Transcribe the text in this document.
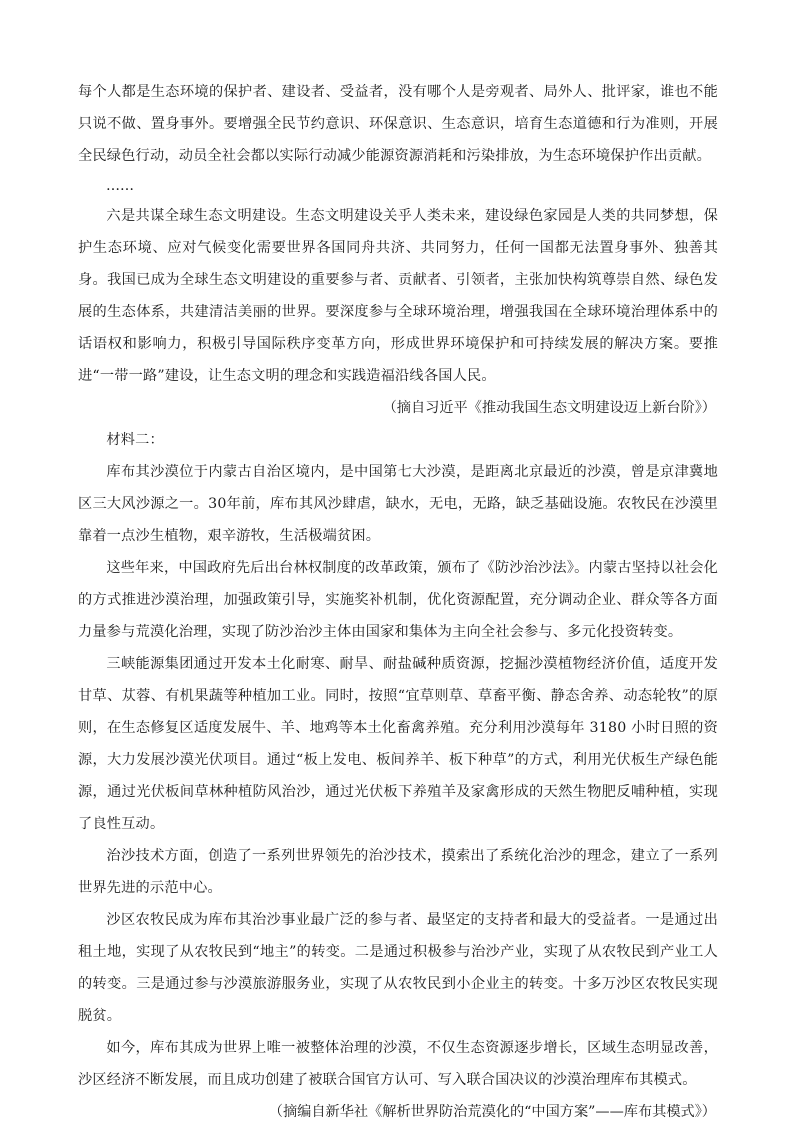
每个人都是生态环境的保护者、建设者、受益者，没有哪个人是旁观者、局外人、批评家，谁也不能只说不做、置身事外。要增强全民节约意识、环保意识、生态意识，培育生态道德和行为准则，开展全民绿色行动，动员全社会都以实际行动减少能源资源消耗和污染排放，为生态环境保护作出贡献。

……

六是共谋全球生态文明建设。生态文明建设关乎人类未来，建设绿色家园是人类的共同梦想，保护生态环境、应对气候变化需要世界各国同舟共济、共同努力，任何一国都无法置身事外、独善其身。我国已成为全球生态文明建设的重要参与者、贡献者、引领者，主张加快构筑尊崇自然、绿色发展的生态体系，共建清洁美丽的世界。要深度参与全球环境治理，增强我国在全球环境治理体系中的话语权和影响力，积极引导国际秩序变革方向，形成世界环境保护和可持续发展的解决方案。要推进“一带一路”建设，让生态文明的理念和实践造福沿线各国人民。

（摘自习近平《推动我国生态文明建设迈上新台阶》）

材料二：

库布其沙漠位于内蒙古自治区境内，是中国第七大沙漠，是距离北京最近的沙漠，曾是京津冀地区三大风沙源之一。30年前，库布其风沙肆虐，缺水，无电，无路，缺乏基础设施。农牧民在沙漠里靠着一点沙生植物，艰辛游牧，生活极端贫困。

这些年来，中国政府先后出台林权制度的改革政策，颁布了《防沙治沙法》。内蒙古坚持以社会化的方式推进沙漠治理，加强政策引导，实施奖补机制，优化资源配置，充分调动企业、群众等各方面力量参与荒漠化治理，实现了防沙治沙主体由国家和集体为主向全社会参与、多元化投资转变。

三峡能源集团通过开发本土化耐寒、耐旱、耐盐碱种质资源，挖掘沙漠植物经济价值，适度开发甘草、苁蓉、有机果蔬等种植加工业。同时，按照“宜草则草、草畜平衡、静态舍养、动态轮牧”的原则，在生态修复区适度发展牛、羊、地鸡等本土化畜禽养殖。充分利用沙漠每年 3180 小时日照的资源，大力发展沙漠光伏项目。通过“板上发电、板间养羊、板下种草”的方式，利用光伏板生产绿色能源，通过光伏板间草林种植防风治沙，通过光伏板下养殖羊及家禽形成的天然生物肥反哺种植，实现了良性互动。

治沙技术方面，创造了一系列世界领先的治沙技术，摸索出了系统化治沙的理念，建立了一系列世界先进的示范中心。

沙区农牧民成为库布其治沙事业最广泛的参与者、最坚定的支持者和最大的受益者。一是通过出租土地，实现了从农牧民到“地主”的转变。二是通过积极参与治沙产业，实现了从农牧民到产业工人的转变。三是通过参与沙漠旅游服务业，实现了从农牧民到小企业主的转变。十多万沙区农牧民实现脱贫。

如今，库布其成为世界上唯一被整体治理的沙漠，不仅生态资源逐步增长，区域生态明显改善，沙区经济不断发展，而且成功创建了被联合国官方认可、写入联合国决议的沙漠治理库布其模式。

（摘编自新华社《解析世界防治荒漠化的“中国方案”——库布其模式》）
